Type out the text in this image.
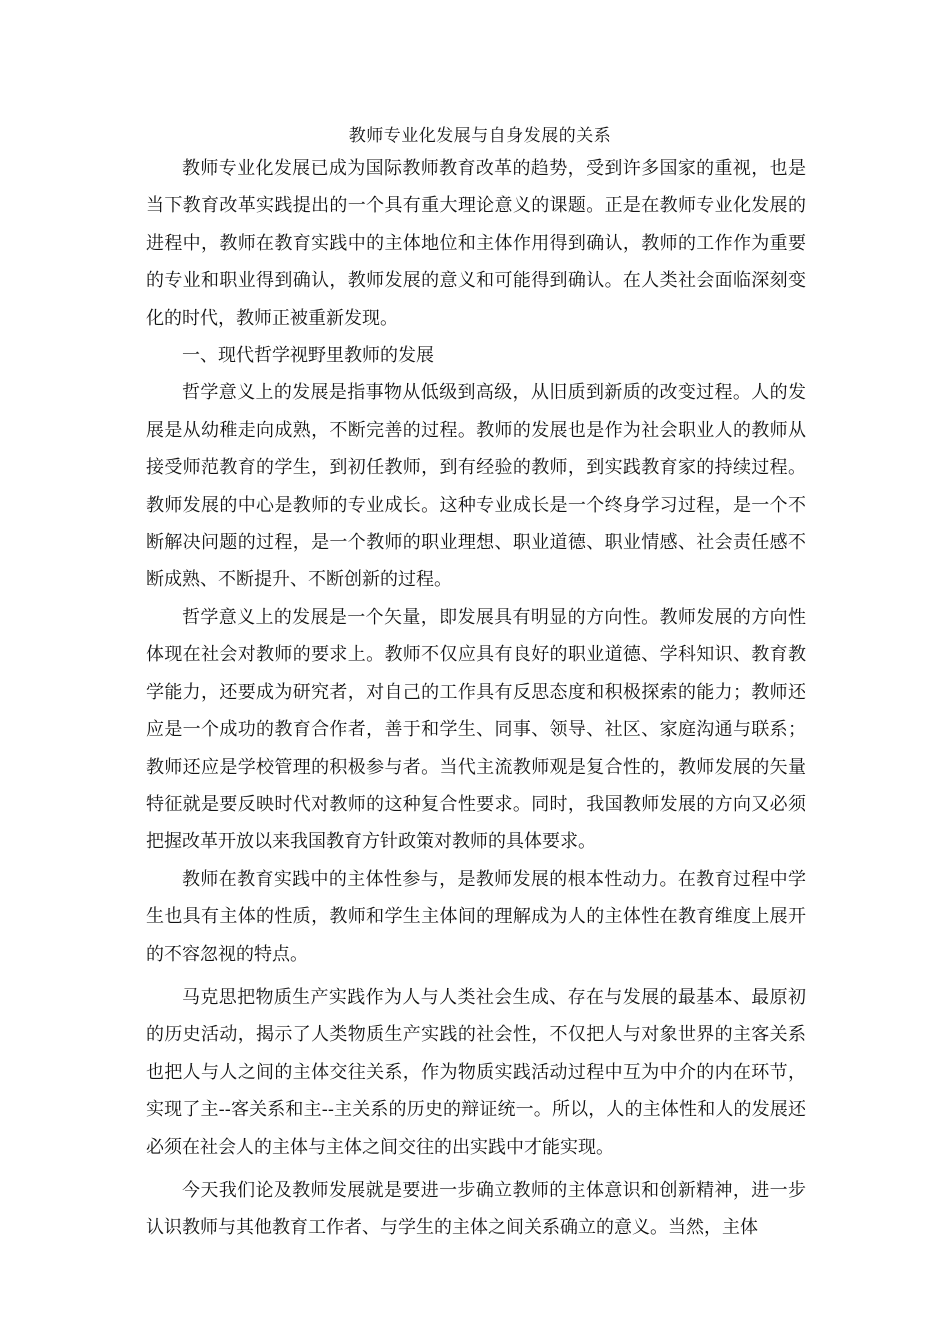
教师专业化发展与自身发展的关系

教师专业化发展已成为国际教师教育改革的趋势，受到许多国家的重视，也是当下教育改革实践提出的一个具有重大理论意义的课题。正是在教师专业化发展的进程中，教师在教育实践中的主体地位和主体作用得到确认，教师的工作作为重要的专业和职业得到确认，教师发展的意义和可能得到确认。在人类社会面临深刻变化的时代，教师正被重新发现。

一、现代哲学视野里教师的发展

哲学意义上的发展是指事物从低级到高级，从旧质到新质的改变过程。人的发展是从幼稚走向成熟，不断完善的过程。教师的发展也是作为社会职业人的教师从接受师范教育的学生，到初任教师，到有经验的教师，到实践教育家的持续过程。教师发展的中心是教师的专业成长。这种专业成长是一个终身学习过程，是一个不断解决问题的过程，是一个教师的职业理想、职业道德、职业情感、社会责任感不断成熟、不断提升、不断创新的过程。

哲学意义上的发展是一个矢量，即发展具有明显的方向性。教师发展的方向性体现在社会对教师的要求上。教师不仅应具有良好的职业道德、学科知识、教育教学能力，还要成为研究者，对自己的工作具有反思态度和积极探索的能力；教师还应是一个成功的教育合作者，善于和学生、同事、领导、社区、家庭沟通与联系；教师还应是学校管理的积极参与者。当代主流教师观是复合性的，教师发展的矢量特征就是要反映时代对教师的这种复合性要求。同时，我国教师发展的方向又必须把握改革开放以来我国教育方针政策对教师的具体要求。

教师在教育实践中的主体性参与，是教师发展的根本性动力。在教育过程中学生也具有主体的性质，教师和学生主体间的理解成为人的主体性在教育维度上展开的不容忽视的特点。

马克思把物质生产实践作为人与人类社会生成、存在与发展的最基本、最原初的历史活动，揭示了人类物质生产实践的社会性，不仅把人与对象世界的主客关系也把人与人之间的主体交往关系，作为物质实践活动过程中互为中介的内在环节，实现了主--客关系和主--主关系的历史的辩证统一。所以，人的主体性和人的发展还必须在社会人的主体与主体之间交往的出实践中才能实现。

今天我们论及教师发展就是要进一步确立教师的主体意识和创新精神，进一步认识教师与其他教育工作者、与学生的主体之间关系确立的意义。当然，主体
